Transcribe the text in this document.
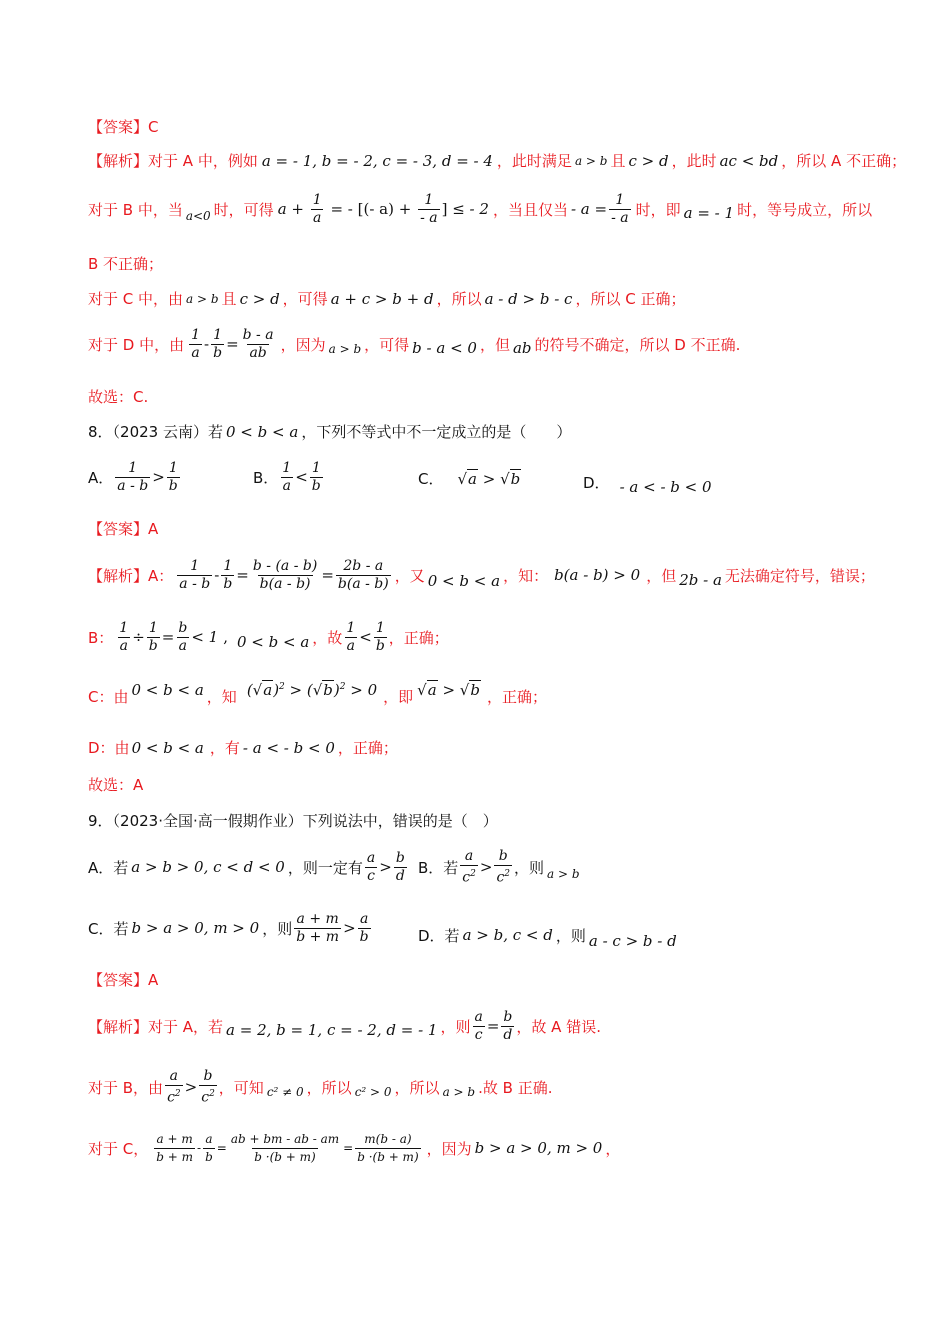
【答案】C
【解析】 对于 A 中，例如 a = - 1, b = - 2, c = - 3, d = - 4 ，此时满足 a > b 且 c > d ，此时 ac < bd ，所以 A 不正确；
对于 B 中，当 a<0 时，可得 $a + \frac{1}{a}$ = - [(- $a) + \frac{1}{- a}$ ] ≤ - 2 ，当且仅当 - $a = \frac{1}{- a}$ 时，即 a = - 1 时，等号成立，所以
B 不正确；
对于 C 中，由 a > b 且 c > d ，可得 a + c > b + d ，所以 a - d > b - c ，所以 C 正确；
对于 D 中，由 $\frac{1}{a} - \frac{1}{b} = \frac{b - a}{ab}$ ，因为 a > b ，可得 b - a < 0 ，但 ab 的符号不确定，所以 D 不正确.
故选：C.
8．（2023 云南）若 0 < b < a ，下列不等式中不一定成立的是（　　）
A． $\frac{1}{a - b} > \frac{1}{b}$	B． $\frac{1}{a} < \frac{1}{b}$	C． √a > √b	D． - a < - b < 0
【答案】A
【解析】 A： $\frac{1}{a - b} - \frac{1}{b} = \frac{b - (a - b)}{b(a - b)} = \frac{2b - a}{b(a - b)}$ ，又 0 < b < a ，知： b(a - b) > 0 ，但 2b - a 无法确定符号，错误；
B： $\frac{1}{a} \div \frac{1}{b} = \frac{b}{a} < 1$ , 0 < b < a ，故 $\frac{1}{a} < \frac{1}{b}$ ，正确；
C：由 0 < b < a ，知 $(√a)^2 > (√b)^2 > 0$ ，即 √a > √b ，正确；
D：由 0 < b < a ，有 - a < - b < 0 ，正确；
故选：A
9．（2023·全国·高一假期作业）下列说法中，错误的是（　）
A．若 a > b > 0, c < d < 0 ，则一定有 $\frac{a}{c} > \frac{b}{d}$ B．若 $\frac{a}{c^2} > \frac{b}{c^2}$ ，则 a > b
C．若 b > a > 0, m > 0 ，则 $\frac{a + m}{b + m} > \frac{a}{b}$	D．若 a > b, c < d ，则 a - c > b - d
【答案】A
【解析】 对于 A，若 a = 2, b = 1, c = - 2, d = - 1 ，则 $\frac{a}{c} = \frac{b}{d}$ ，故 A 错误.
对于 B，由 $\frac{a}{c^2} > \frac{b}{c^2}$ ，可知 c² ≠ 0 ，所以 c² > 0 ，所以 a > b .故 B 正确.
对于 C， $\frac{a + m}{b + m} - \frac{a}{b} = \frac{ab + bm - ab - am}{b \cdot(b + m)} = \frac{m(b - a)}{b \cdot(b + m)}$ ，因为 b > a > 0, m > 0 ，
